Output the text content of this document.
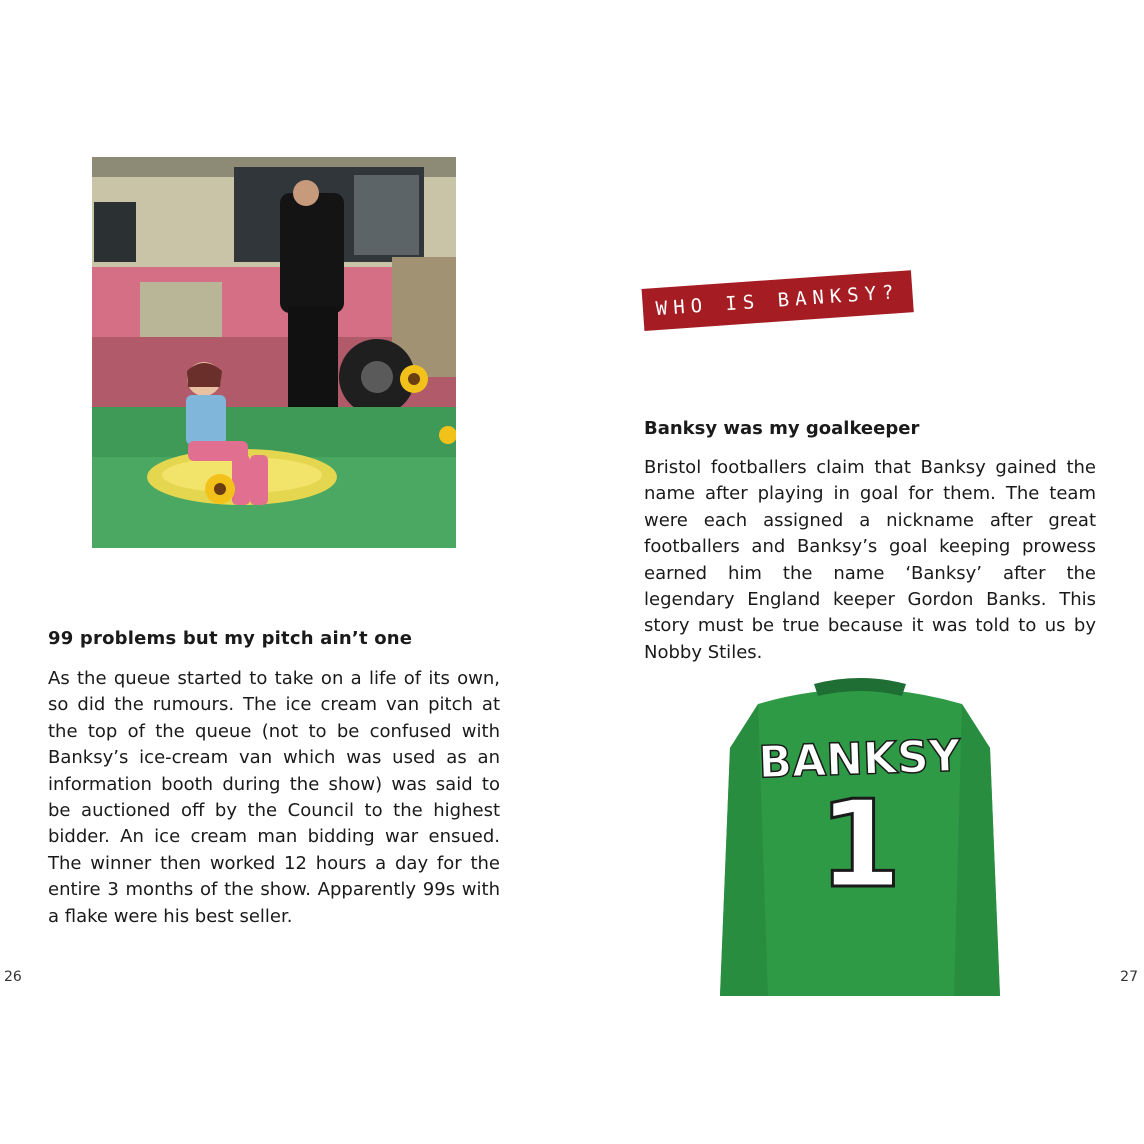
99 problems but my pitch ain’t one

As the queue started to take on a life of its own, so did the rumours. The ice cream van pitch at the top of the queue (not to be confused with Banksy’s ice-cream van which was used as an information booth during the show) was said to be auctioned off by the Council to the highest bidder. An ice cream man bidding war ensued. The winner then worked 12 hours a day for the entire 3 months of the show. Apparently 99s with a flake were his best seller.

26
WHO IS BANKSY?
Banksy was my goalkeeper

Bristol footballers claim that Banksy gained the name after playing in goal for them. The team were each assigned a nickname after great footballers and Banksy’s goal keeping prowess earned him the name ‘Banksy’ after the legendary England keeper Gordon Banks. This story must be true because it was told to us by Nobby Stiles.

BANKSY
1
27
